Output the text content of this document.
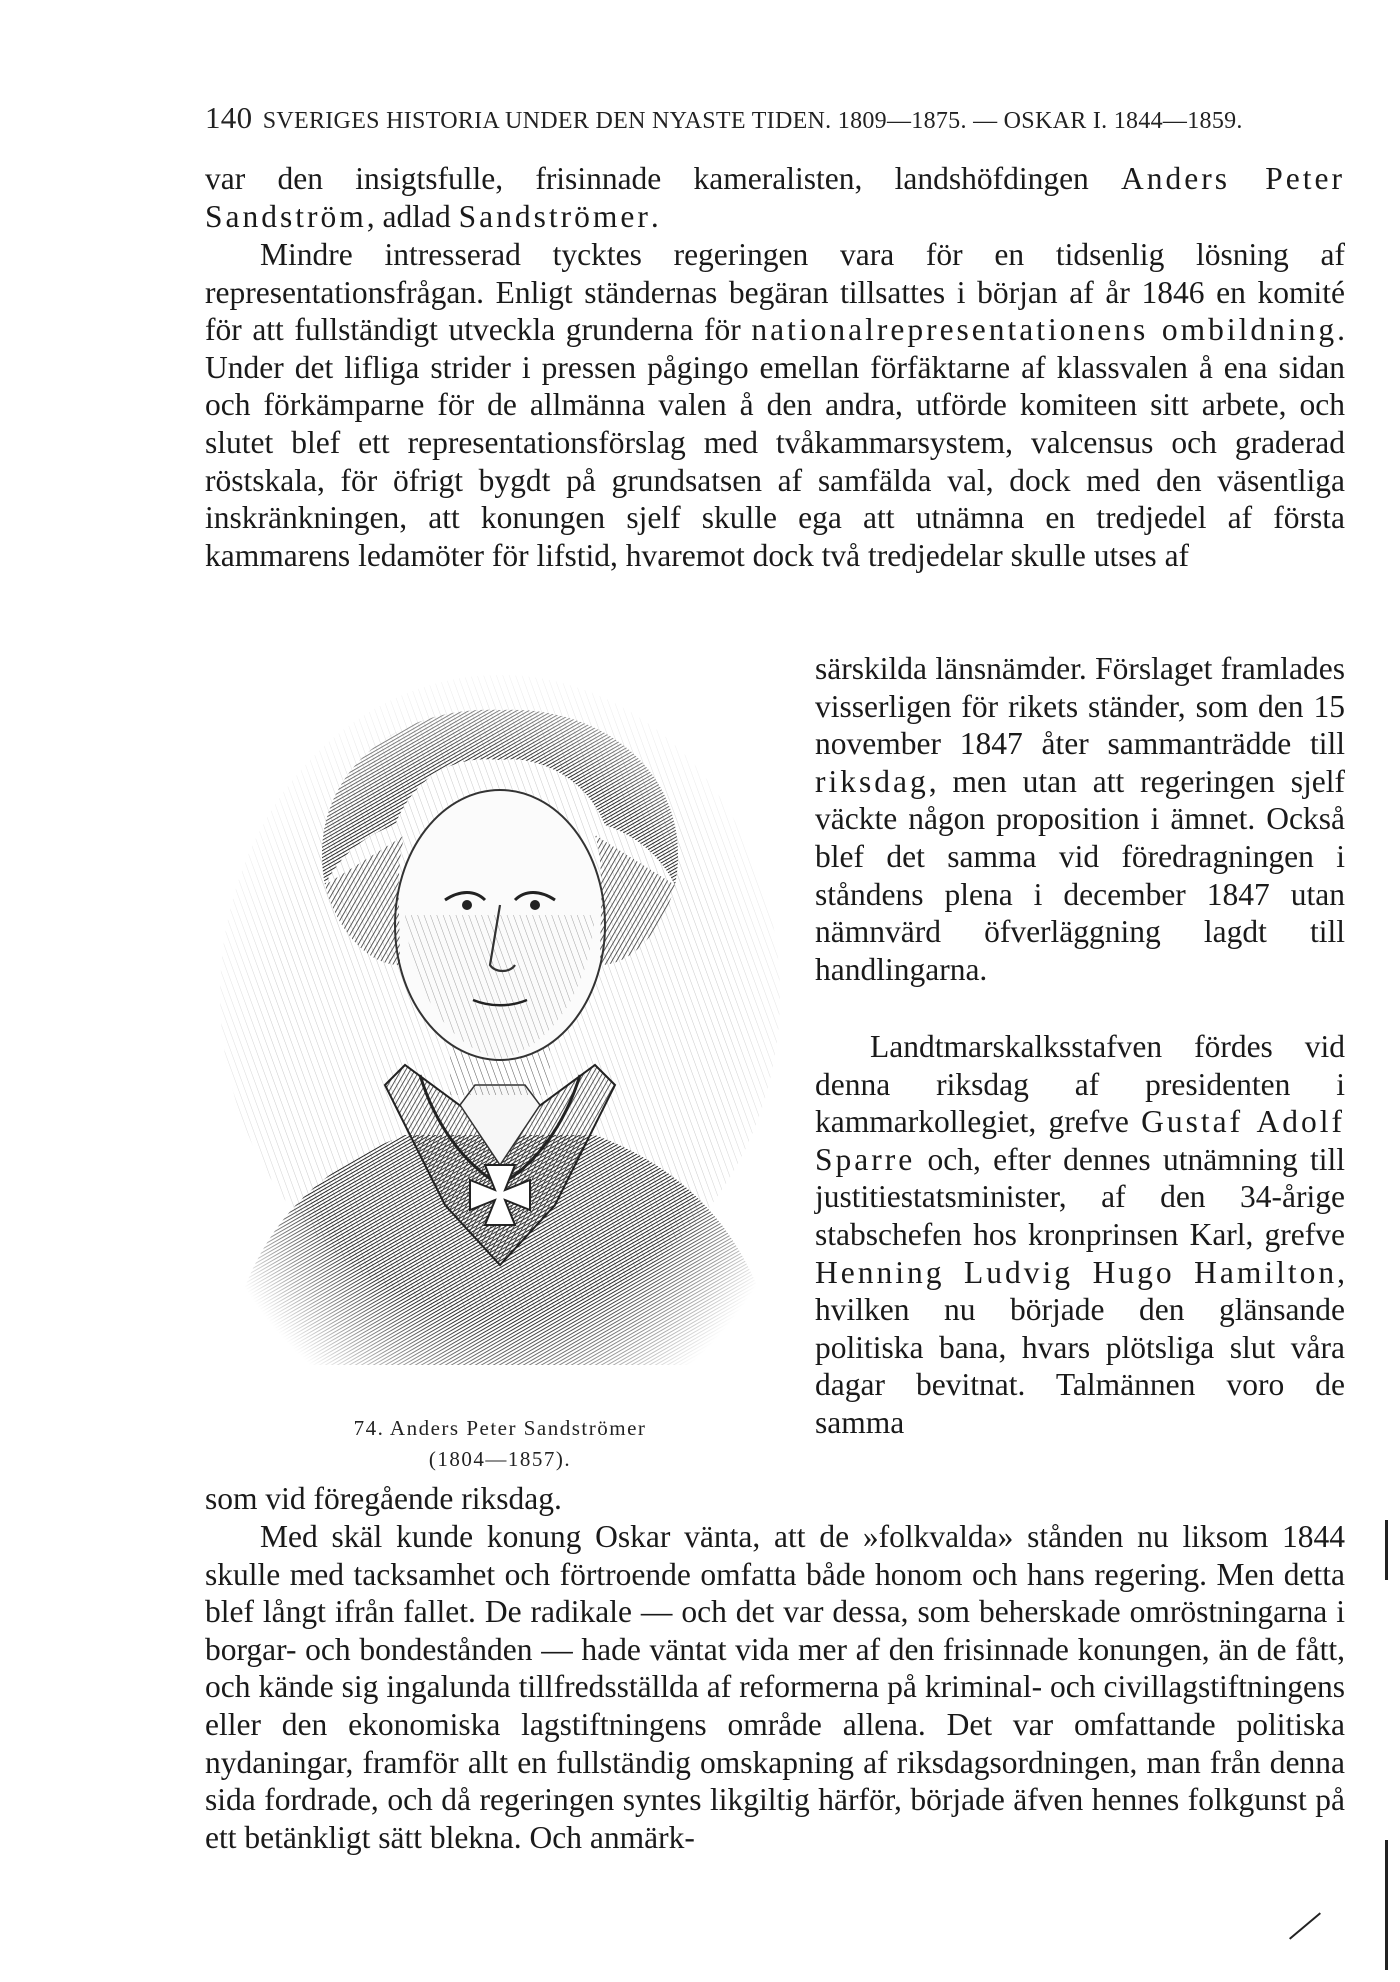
140 SVERIGES HISTORIA UNDER DEN NYASTE TIDEN. 1809—1875. — OSKAR I. 1844—1859.

var den insigtsfulle, frisinnade kameralisten, landshöfdingen Anders Peter Sandström, adlad Sandströmer.

Mindre intresserad tycktes regeringen vara för en tidsenlig lösning af representationsfrågan. Enligt ständernas begäran tillsattes i början af år 1846 en komité för att fullständigt utveckla grunderna för nationalrepresentationens ombildning. Under det lifliga strider i pressen pågingo emellan förfäktarne af klassvalen å ena sidan och förkämparne för de allmänna valen å den andra, utförde komiteen sitt arbete, och slutet blef ett representationsförslag med tvåkammarsystem, valcensus och graderad röstskala, för öfrigt bygdt på grundsatsen af samfälda val, dock med den väsentliga inskränkningen, att konungen sjelf skulle ega att utnämna en tredjedel af första kammarens ledamöter för lifstid, hvaremot dock två tredjedelar skulle utses af

särskilda länsnämder. Förslaget framlades visserligen för rikets ständer, som den 15 november 1847 åter sammanträdde till riksdag, men utan att regeringen sjelf väckte någon proposition i ämnet. Också blef det samma vid föredragningen i ståndens plena i december 1847 utan nämnvärd öfverläggning lagdt till handlingarna.

Landtmarskalksstafven fördes vid denna riksdag af presidenten i kammarkollegiet, grefve Gustaf Adolf Sparre och, efter dennes utnämning till justitiestatsminister, af den 34-årige stabschefen hos kronprinsen Karl, grefve Henning Ludvig Hugo Hamilton, hvilken nu började den glänsande politiska bana, hvars plötsliga slut våra dagar bevitnat. Talmännen voro de samma

74. Anders Peter Sandströmer
(1804—1857).

som vid föregående riksdag.

Med skäl kunde konung Oskar vänta, att de »folkvalda» stånden nu liksom 1844 skulle med tacksamhet och förtroende omfatta både honom och hans regering. Men detta blef långt ifrån fallet. De radikale — och det var dessa, som beherskade omröstningarna i borgar- och bondestånden — hade väntat vida mer af den frisinnade konungen, än de fått, och kände sig ingalunda tillfredsställda af reformerna på kriminal- och civillagstiftningens eller den ekonomiska lagstiftningens område allena. Det var omfattande politiska nydaningar, framför allt en fullständig omskapning af riksdagsordningen, man från denna sida fordrade, och då regeringen syntes likgiltig härför, började äfven hennes folkgunst på ett betänkligt sätt blekna. Och anmärk-
